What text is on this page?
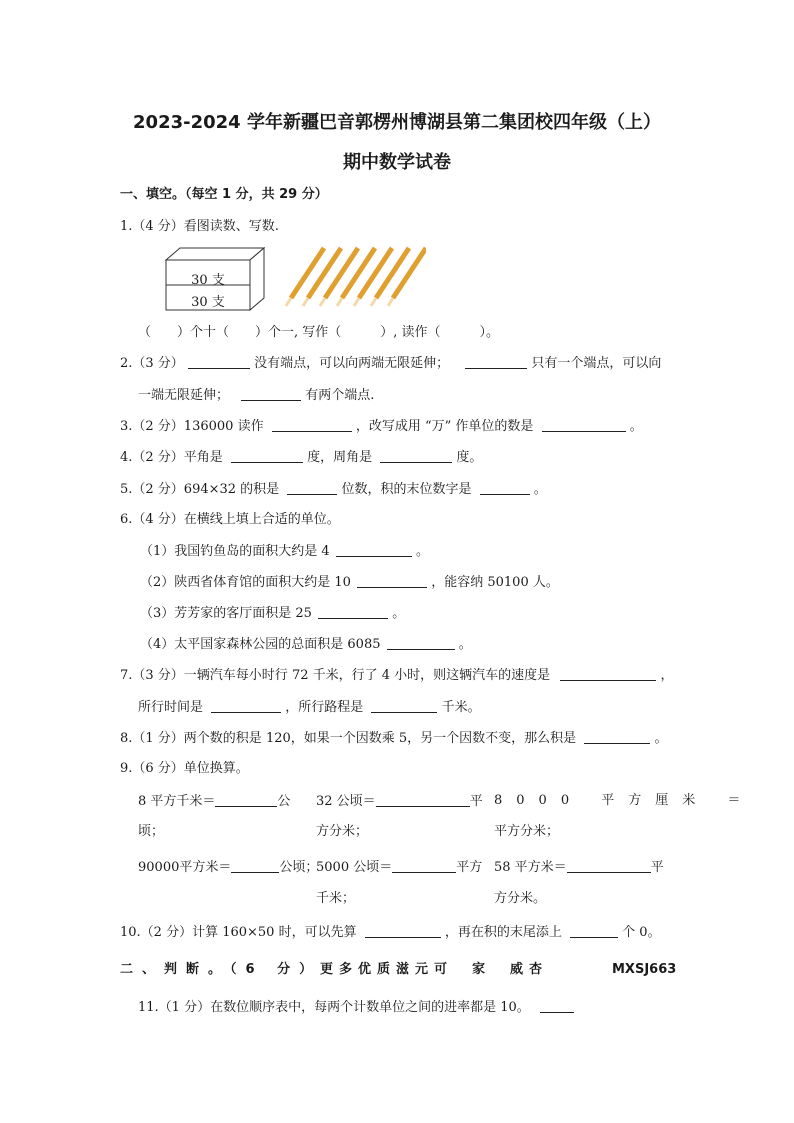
2023-2024 学年新疆巴音郭楞州博湖县第二集团校四年级（上）
期中数学试卷
一、填空。（每空 1 分，共 29 分）
1.（4 分）看图读数、写数.
30 支
30 支
（　　）个十（　　）个一, 写作（　　　）, 读作（　　　）。
2.（3 分）	没有端点，可以向两端无限延伸；	只有一个端点，可以向
一端无限延伸；	有两个端点.
3.（2 分）136000 读作	，改写成用 “万” 作单位的数是	。
4.（2 分）平角是	度，周角是	度。
5.（2 分）694×32 的积是	位数，积的末位数字是	。
6.（4 分）在横线上填上合适的单位。
（1）我国钓鱼岛的面积大约是 4	。
（2）陕西省体育馆的面积大约是 10	，能容纳 50100 人。
（3）芳芳家的客厅面积是 25	。
（4）太平国家森林公园的总面积是 6085	。
7.（3 分）一辆汽车每小时行 72 千米，行了 4 小时，则这辆汽车的速度是	，
所行时间是	，所行路程是	千米。
8.（1 分）两个数的积是 120，如果一个因数乘 5，另一个因数不变，那么积是	。
9.（6 分）单位换算。
8 平方千米＝	公
顷；
32 公顷＝	平
方分米；
8000 平方厘米 ＝
平方分米；
90000平方米＝	公顷；
5000 公顷＝	平方
千米；
58 平方米＝	平
方分米。
10.（2 分）计算 160×50 时，可以先算	，再在积的末尾添上	个 0。
二、判断。（6 分）
更多优质滋元可　家　威杏	MXSJ663
11.（1 分）在数位顺序表中，每两个计数单位之间的进率都是 10。
